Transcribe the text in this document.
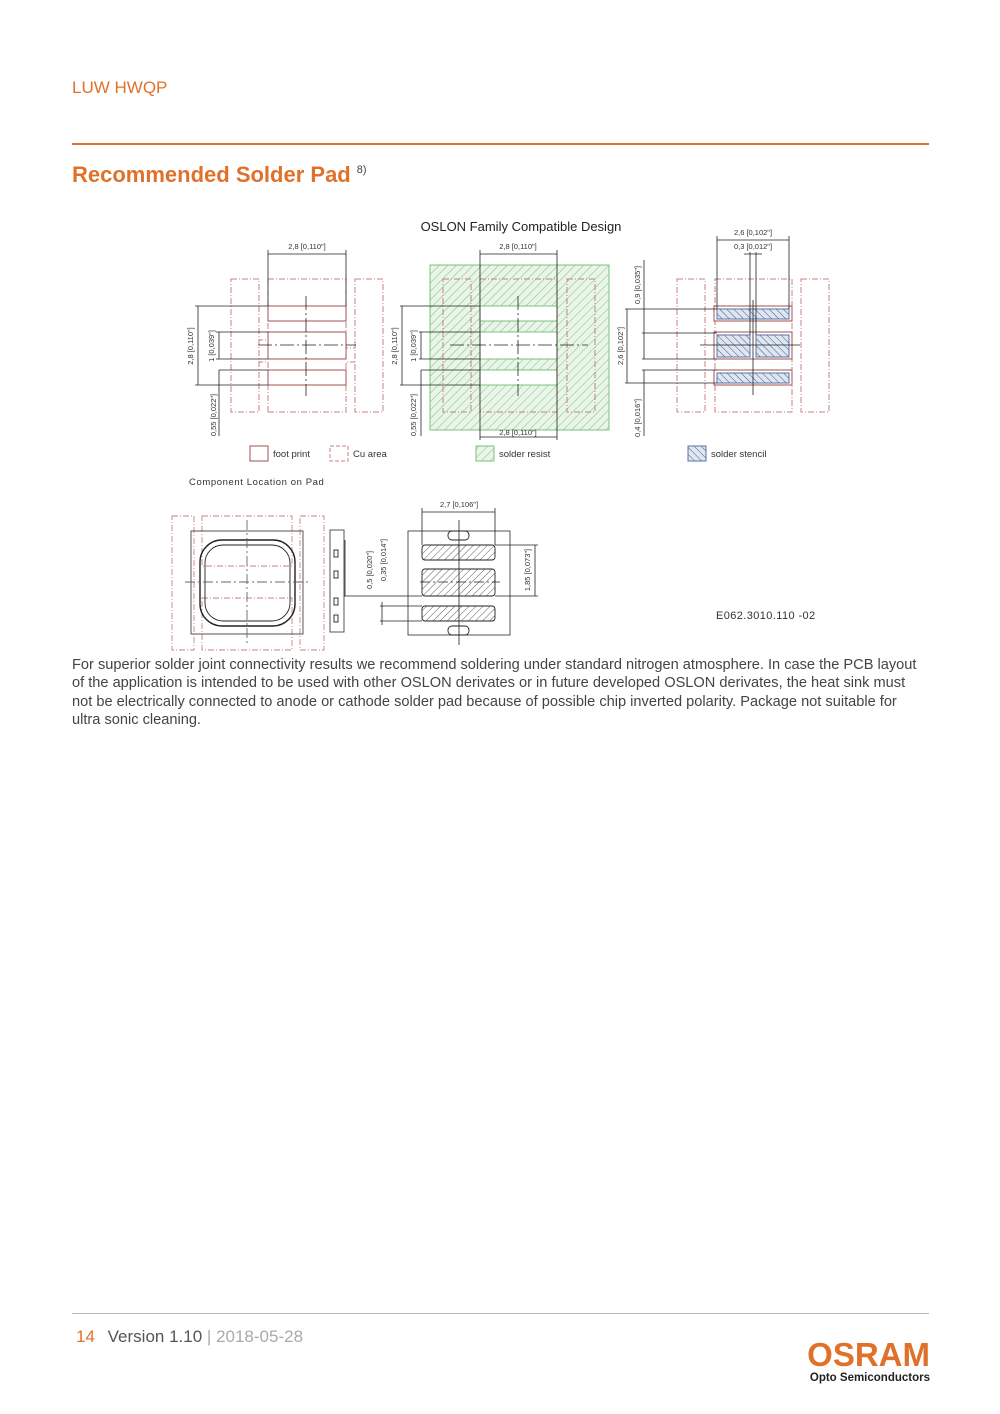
LUW HWQP
Recommended Solder Pad $^{8)}$
OSLON Family Compatible Design
2,8 [0,110"]
2,8 [0,110"] 1 [0,039"]
0,55 [0,022"]
2,8 [0,110"]
2,8 [0,110"]
2,8 [0,110"] 1 [0,039"]
0,55 [0,022"]
2,6 [0,102"]
0,3 [0,012"]
0,9 [0,035"]
2,6 [0,102"]
0,4 [0,016"]
foot print	Cu area	solder resist	solder stencil
Component Location on Pad
2,7 [0,106"]
0,5 [0,020"] 0,35 [0,014"]	1,85 [0,073"]
E062.3010.110 -02
For superior solder joint connectivity results we recommend soldering under standard nitrogen atmosphere. In case the PCB layout of the application is intended to be used with other OSLON derivates or in future developed OSLON derivates, the heat sink must not be electrically connected to anode or cathode solder pad because of possible chip inverted polarity. Package not suitable for ultra sonic cleaning.
14 Version 1.10 | 2018-05-28	OSRAM
Opto Semiconductors
